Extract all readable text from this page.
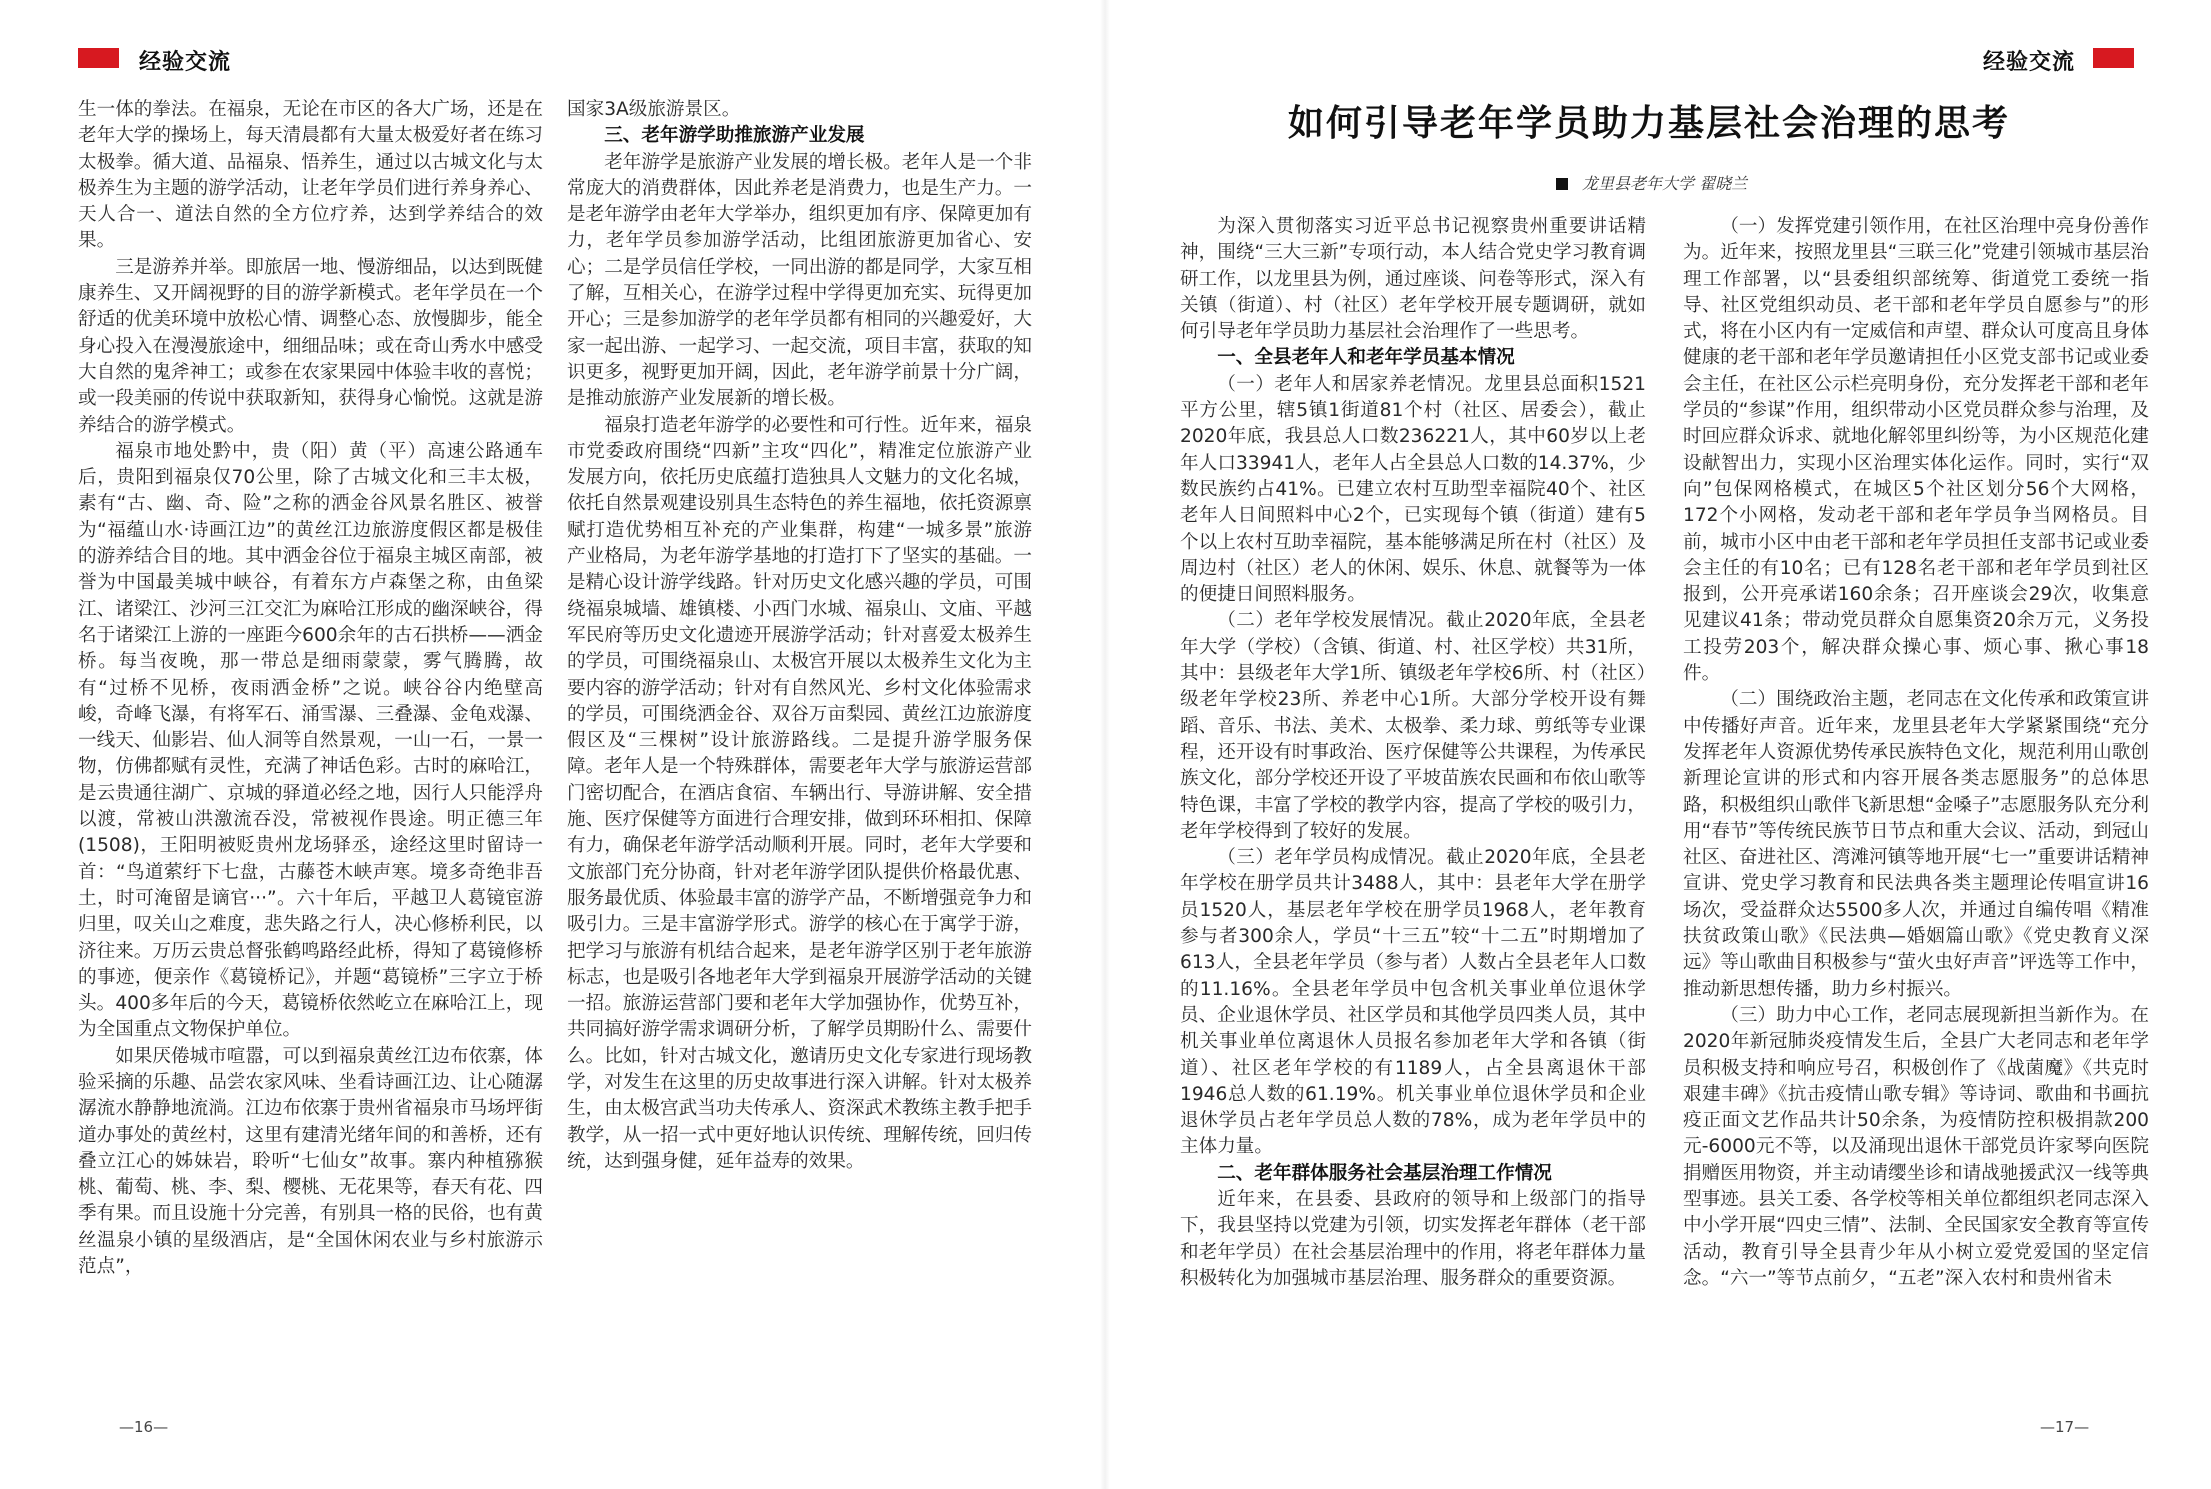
经验交流

生一体的拳法。在福泉，无论在市区的各大广场，还是在老年大学的操场上，每天清晨都有大量太极爱好者在练习太极拳。循大道、品福泉、悟养生，通过以古城文化与太极养生为主题的游学活动，让老年学员们进行养身养心、天人合一、道法自然的全方位疗养，达到学养结合的效果。

三是游养并举。即旅居一地、慢游细品，以达到既健康养生、又开阔视野的目的游学新模式。老年学员在一个舒适的优美环境中放松心情、调整心态、放慢脚步，能全身心投入在漫漫旅途中，细细品味；或在奇山秀水中感受大自然的鬼斧神工；或参在农家果园中体验丰收的喜悦；或一段美丽的传说中获取新知，获得身心愉悦。这就是游养结合的游学模式。

福泉市地处黔中，贵（阳）黄（平）高速公路通车后，贵阳到福泉仅70公里，除了古城文化和三丰太极，素有“古、幽、奇、险”之称的洒金谷风景名胜区、被誉为“福蕴山水·诗画江边”的黄丝江边旅游度假区都是极佳的游养结合目的地。其中洒金谷位于福泉主城区南部，被誉为中国最美城中峡谷，有着东方卢森堡之称，由鱼梁江、诸梁江、沙河三江交汇为麻哈江形成的幽深峡谷，得名于诸梁江上游的一座距今600余年的古石拱桥——洒金桥。每当夜晚，那一带总是细雨蒙蒙，雾气腾腾，故有“过桥不见桥，夜雨洒金桥”之说。峡谷谷内绝壁高峻，奇峰飞瀑，有将军石、涌雪瀑、三叠瀑、金龟戏瀑、一线天、仙影岩、仙人洞等自然景观，一山一石，一景一物，仿佛都赋有灵性，充满了神话色彩。古时的麻哈江，是云贵通往湖广、京城的驿道必经之地，因行人只能浮舟以渡，常被山洪激流吞没，常被视作畏途。明正德三年(1508)，王阳明被贬贵州龙场驿丞，途经这里时留诗一首：“鸟道萦纡下七盘，古藤苍木峡声寒。境多奇绝非吾土，时可淹留是谪官···”。六十年后，平越卫人葛镜宦游归里，叹关山之难度，悲失路之行人，决心修桥利民，以济往来。万历云贵总督张鹤鸣路经此桥，得知了葛镜修桥的事迹，便亲作《葛镜桥记》，并题“葛镜桥”三字立于桥头。400多年后的今天，葛镜桥依然屹立在麻哈江上，现为全国重点文物保护单位。

如果厌倦城市喧嚣，可以到福泉黄丝江边布依寨，体验采摘的乐趣、品尝农家风味、坐看诗画江边、让心随潺潺流水静静地流淌。江边布依寨于贵州省福泉市马场坪街道办事处的黄丝村，这里有建清光绪年间的和善桥，还有叠立江心的姊妹岩，聆听“七仙女”故事。寨内种植猕猴桃、葡萄、桃、李、梨、樱桃、无花果等，春天有花、四季有果。而且设施十分完善，有别具一格的民俗，也有黄丝温泉小镇的星级酒店，是“全国休闲农业与乡村旅游示范点”，

国家3A级旅游景区。

三、老年游学助推旅游产业发展

老年游学是旅游产业发展的增长极。老年人是一个非常庞大的消费群体，因此养老是消费力，也是生产力。一是老年游学由老年大学举办，组织更加有序、保障更加有力，老年学员参加游学活动，比组团旅游更加省心、安心；二是学员信任学校，一同出游的都是同学，大家互相了解，互相关心，在游学过程中学得更加充实、玩得更加开心；三是参加游学的老年学员都有相同的兴趣爱好，大家一起出游、一起学习、一起交流，项目丰富，获取的知识更多，视野更加开阔，因此，老年游学前景十分广阔，是推动旅游产业发展新的增长极。

福泉打造老年游学的必要性和可行性。近年来，福泉市党委政府围绕“四新”主攻“四化”，精准定位旅游产业发展方向，依托历史底蕴打造独具人文魅力的文化名城，依托自然景观建设别具生态特色的养生福地，依托资源禀赋打造优势相互补充的产业集群，构建“一城多景”旅游产业格局，为老年游学基地的打造打下了坚实的基础。一是精心设计游学线路。针对历史文化感兴趣的学员，可围绕福泉城墙、雄镇楼、小西门水城、福泉山、文庙、平越军民府等历史文化遗迹开展游学活动；针对喜爱太极养生的学员，可围绕福泉山、太极宫开展以太极养生文化为主要内容的游学活动；针对有自然风光、乡村文化体验需求的学员，可围绕洒金谷、双谷万亩梨园、黄丝江边旅游度假区及“三棵树”设计旅游路线。二是提升游学服务保障。老年人是一个特殊群体，需要老年大学与旅游运营部门密切配合，在酒店食宿、车辆出行、导游讲解、安全措施、医疗保健等方面进行合理安排，做到环环相扣、保障有力，确保老年游学活动顺利开展。同时，老年大学要和文旅部门充分协商，针对老年游学团队提供价格最优惠、服务最优质、体验最丰富的游学产品，不断增强竞争力和吸引力。三是丰富游学形式。游学的核心在于寓学于游，把学习与旅游有机结合起来，是老年游学区别于老年旅游标志，也是吸引各地老年大学到福泉开展游学活动的关键一招。旅游运营部门要和老年大学加强协作，优势互补，共同搞好游学需求调研分析，了解学员期盼什么、需要什么。比如，针对古城文化，邀请历史文化专家进行现场教学，对发生在这里的历史故事进行深入讲解。针对太极养生，由太极宫武当功夫传承人、资深武术教练主教手把手教学，从一招一式中更好地认识传统、理解传统，回归传统，达到强身健，延年益寿的效果。

—16—
经验交流
如何引导老年学员助力基层社会治理的思考
龙里县老年大学 翟晓兰

为深入贯彻落实习近平总书记视察贵州重要讲话精神，围绕“三大三新”专项行动，本人结合党史学习教育调研工作，以龙里县为例，通过座谈、问卷等形式，深入有关镇（街道）、村（社区）老年学校开展专题调研，就如何引导老年学员助力基层社会治理作了一些思考。

一、全县老年人和老年学员基本情况

（一）老年人和居家养老情况。龙里县总面积1521平方公里，辖5镇1街道81个村（社区、居委会），截止2020年底，我县总人口数236221人，其中60岁以上老年人口33941人，老年人占全县总人口数的14.37%，少数民族约占41%。已建立农村互助型幸福院40个、社区老年人日间照料中心2个，已实现每个镇（街道）建有5个以上农村互助幸福院，基本能够满足所在村（社区）及周边村（社区）老人的休闲、娱乐、休息、就餐等为一体的便捷日间照料服务。

（二）老年学校发展情况。截止2020年底，全县老年大学（学校）（含镇、街道、村、社区学校）共31所，其中：县级老年大学1所、镇级老年学校6所、村（社区）级老年学校23所、养老中心1所。大部分学校开设有舞蹈、音乐、书法、美术、太极拳、柔力球、剪纸等专业课程，还开设有时事政治、医疗保健等公共课程，为传承民族文化，部分学校还开设了平坡苗族农民画和布依山歌等特色课，丰富了学校的教学内容，提高了学校的吸引力，老年学校得到了较好的发展。

（三）老年学员构成情况。截止2020年底，全县老年学校在册学员共计3488人，其中：县老年大学在册学员1520人，基层老年学校在册学员1968人，老年教育参与者300余人，学员“十三五”较“十二五”时期增加了613人，全县老年学员（参与者）人数占全县老年人口数的11.16%。全县老年学员中包含机关事业单位退休学员、企业退休学员、社区学员和其他学员四类人员，其中机关事业单位离退休人员报名参加老年大学和各镇（街道）、社区老年学校的有1189人，占全县离退休干部1946总人数的61.19%。机关事业单位退休学员和企业退休学员占老年学员总人数的78%，成为老年学员中的主体力量。

二、老年群体服务社会基层治理工作情况

近年来，在县委、县政府的领导和上级部门的指导下，我县坚持以党建为引领，切实发挥老年群体（老干部和老年学员）在社会基层治理中的作用，将老年群体力量积极转化为加强城市基层治理、服务群众的重要资源。

（一）发挥党建引领作用，在社区治理中亮身份善作为。近年来，按照龙里县“三联三化”党建引领城市基层治理工作部署，以“县委组织部统筹、街道党工委统一指导、社区党组织动员、老干部和老年学员自愿参与”的形式，将在小区内有一定威信和声望、群众认可度高且身体健康的老干部和老年学员邀请担任小区党支部书记或业委会主任，在社区公示栏亮明身份，充分发挥老干部和老年学员的“参谋”作用，组织带动小区党员群众参与治理，及时回应群众诉求、就地化解邻里纠纷等，为小区规范化建设献智出力，实现小区治理实体化运作。同时，实行“双向”包保网格模式，在城区5个社区划分56个大网格，172个小网格，发动老干部和老年学员争当网格员。目前，城市小区中由老干部和老年学员担任支部书记或业委会主任的有10名；已有128名老干部和老年学员到社区报到，公开亮承诺160余条；召开座谈会29次，收集意见建议41条；带动党员群众自愿集资20余万元，义务投工投劳203个，解决群众操心事、烦心事、揪心事18件。

（二）围绕政治主题，老同志在文化传承和政策宣讲中传播好声音。近年来，龙里县老年大学紧紧围绕“充分发挥老年人资源优势传承民族特色文化，规范利用山歌创新理论宣讲的形式和内容开展各类志愿服务”的总体思路，积极组织山歌伴飞新思想“金嗓子”志愿服务队充分利用“春节”等传统民族节日节点和重大会议、活动，到冠山社区、奋进社区、湾滩河镇等地开展“七一”重要讲话精神宣讲、党史学习教育和民法典各类主题理论传唱宣讲16场次，受益群众达5500多人次，并通过自编传唱《精准扶贫政策山歌》《民法典—婚姻篇山歌》《党史教育义深远》等山歌曲目积极参与“萤火虫好声音”评选等工作中，推动新思想传播，助力乡村振兴。

（三）助力中心工作，老同志展现新担当新作为。在2020年新冠肺炎疫情发生后，全县广大老同志和老年学员积极支持和响应号召，积极创作了《战菌魔》《共克时艰建丰碑》《抗击疫情山歌专辑》等诗词、歌曲和书画抗疫正面文艺作品共计50余条，为疫情防控积极捐款200元-6000元不等，以及涌现出退休干部党员许家琴向医院捐赠医用物资，并主动请缨坐诊和请战驰援武汉一线等典型事迹。县关工委、各学校等相关单位都组织老同志深入中小学开展“四史三情”、法制、全民国家安全教育等宣传活动，教育引导全县青少年从小树立爱党爱国的坚定信念。“六一”等节点前夕，“五老”深入农村和贵州省未

—17—
